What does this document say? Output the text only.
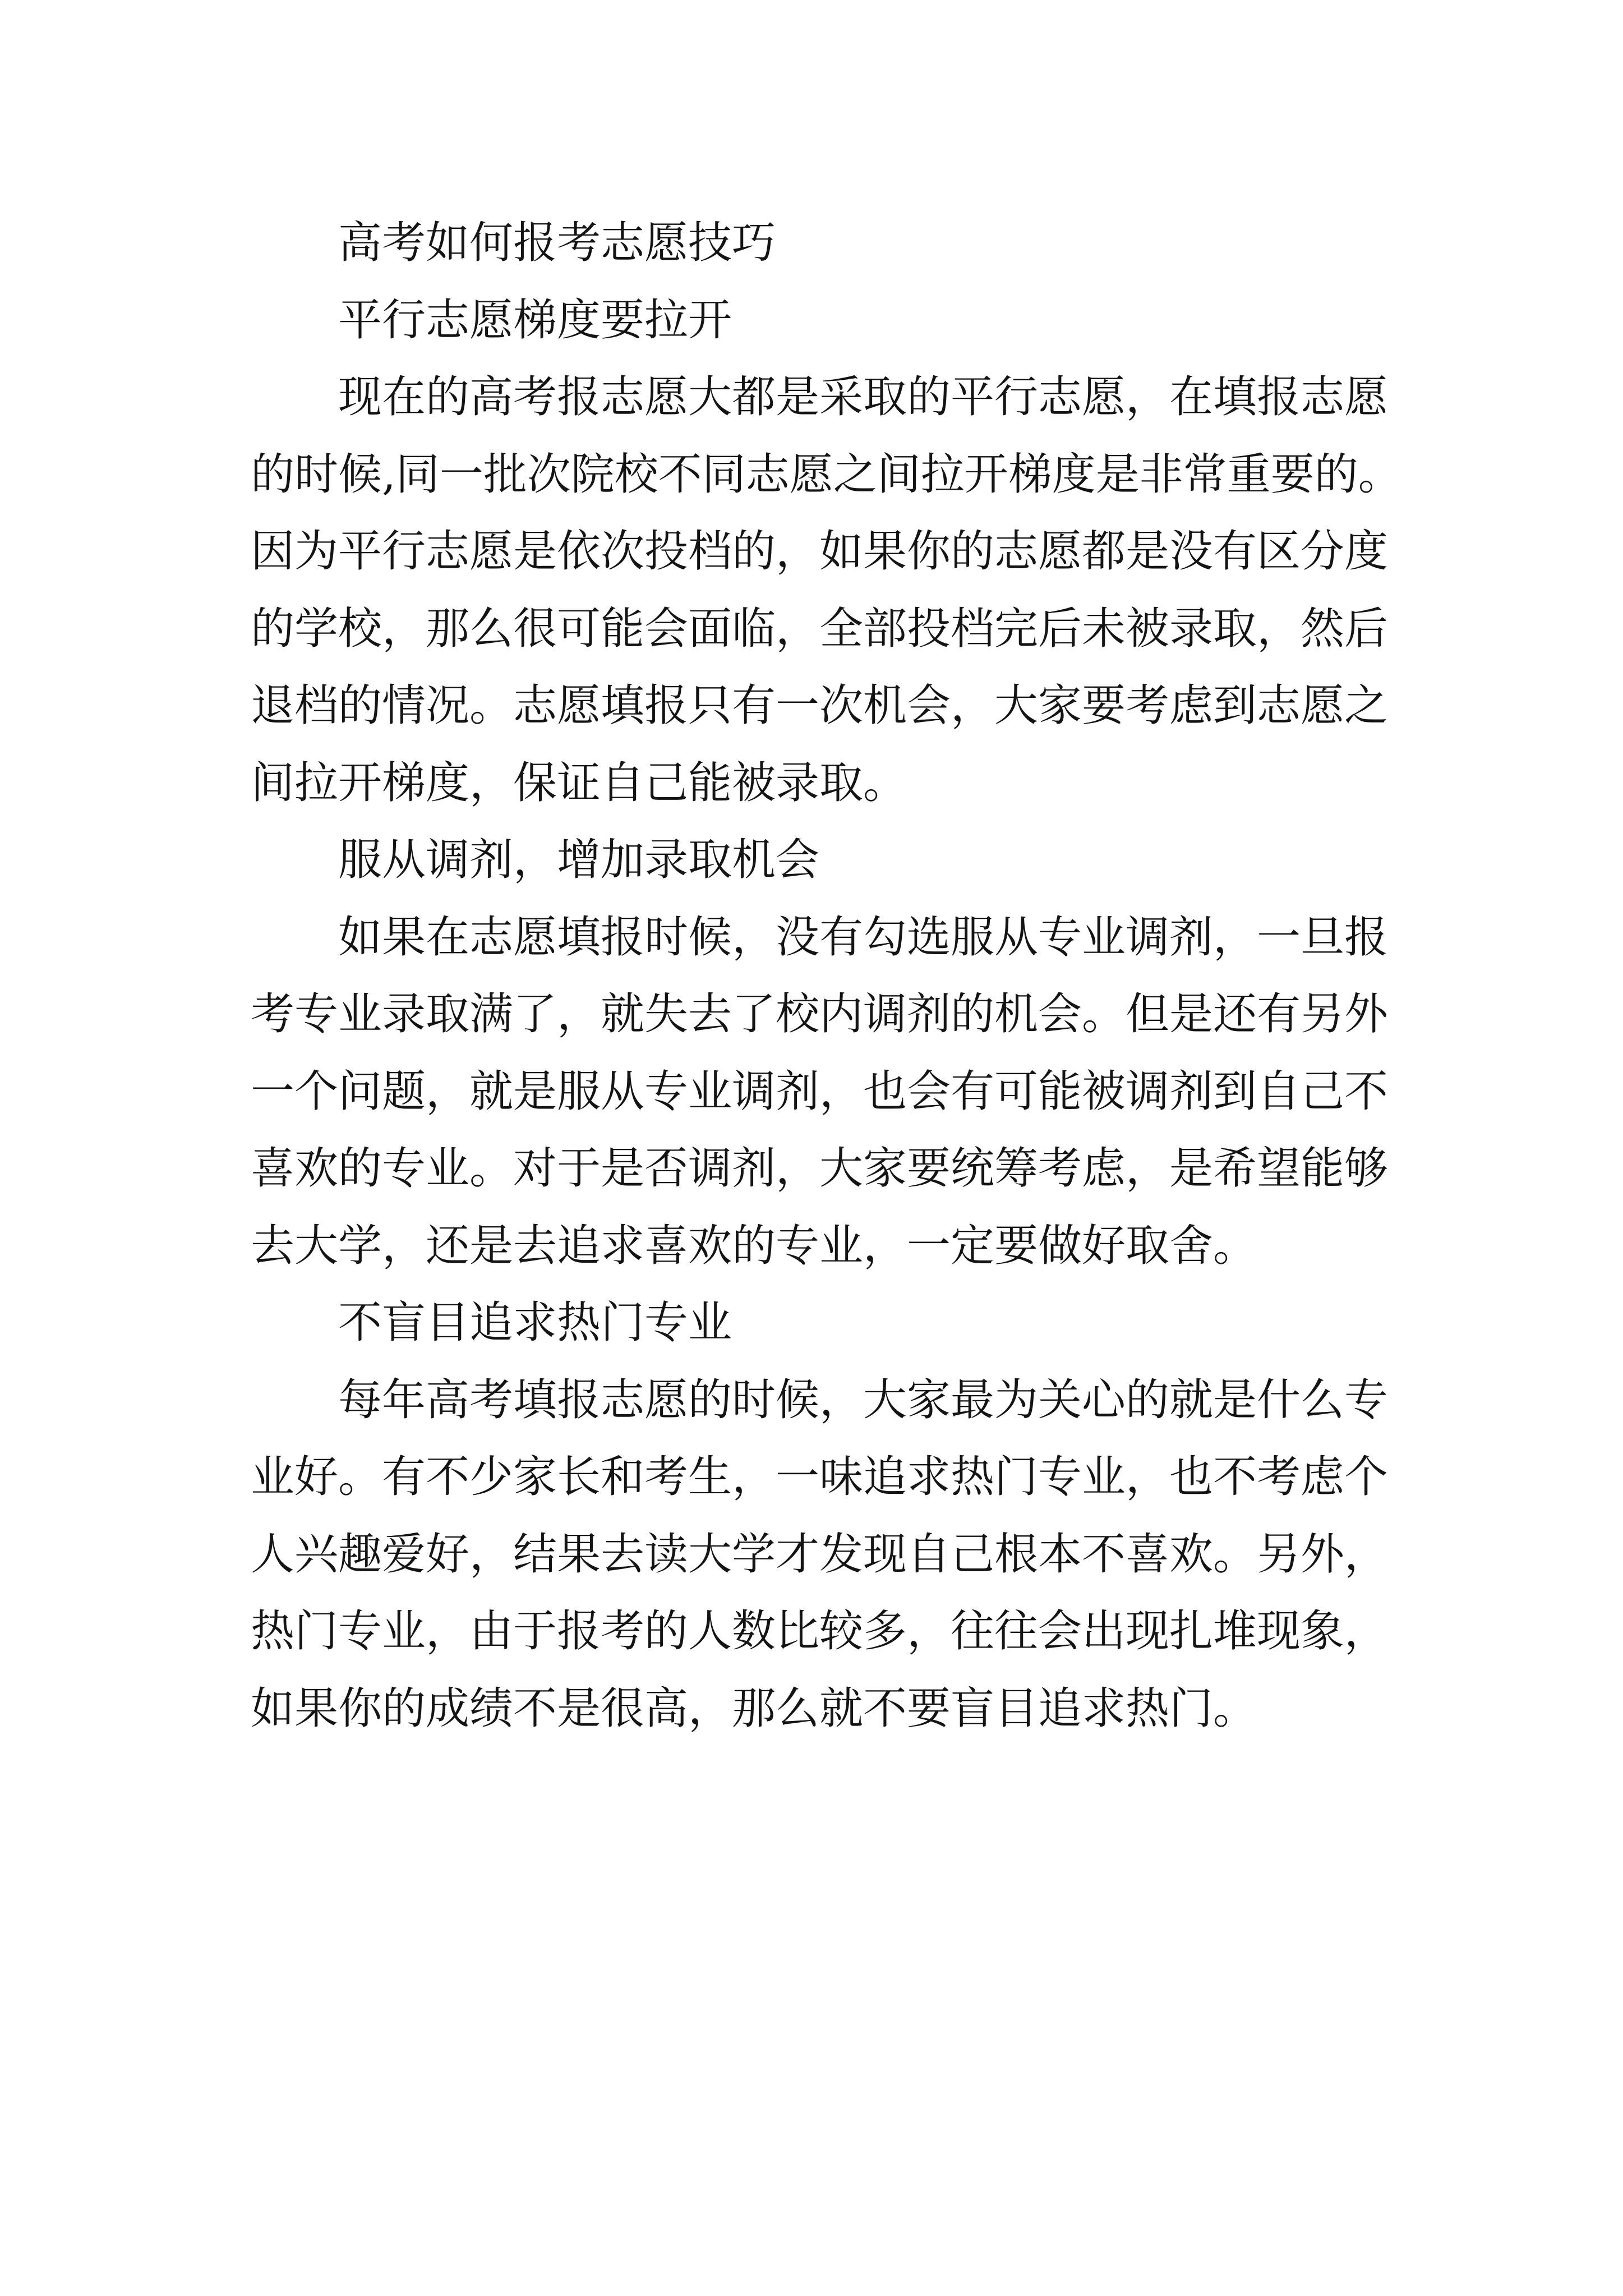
高考如何报考志愿技巧
平行志愿梯度要拉开
现在的高考报志愿大都是采取的平行志愿，在填报志愿
的时候,同一批次院校不同志愿之间拉开梯度是非常重要的。
因为平行志愿是依次投档的，如果你的志愿都是没有区分度
的学校，那么很可能会面临，全部投档完后未被录取，然后
退档的情况。志愿填报只有一次机会，大家要考虑到志愿之
间拉开梯度，保证自己能被录取。
服从调剂，增加录取机会
如果在志愿填报时候，没有勾选服从专业调剂，一旦报
考专业录取满了，就失去了校内调剂的机会。但是还有另外
一个问题，就是服从专业调剂，也会有可能被调剂到自己不
喜欢的专业。对于是否调剂，大家要统筹考虑，是希望能够
去大学，还是去追求喜欢的专业，一定要做好取舍。
不盲目追求热门专业
每年高考填报志愿的时候，大家最为关心的就是什么专
业好。有不少家长和考生，一味追求热门专业，也不考虑个
人兴趣爱好，结果去读大学才发现自己根本不喜欢。另外，
热门专业，由于报考的人数比较多，往往会出现扎堆现象，
如果你的成绩不是很高，那么就不要盲目追求热门。
